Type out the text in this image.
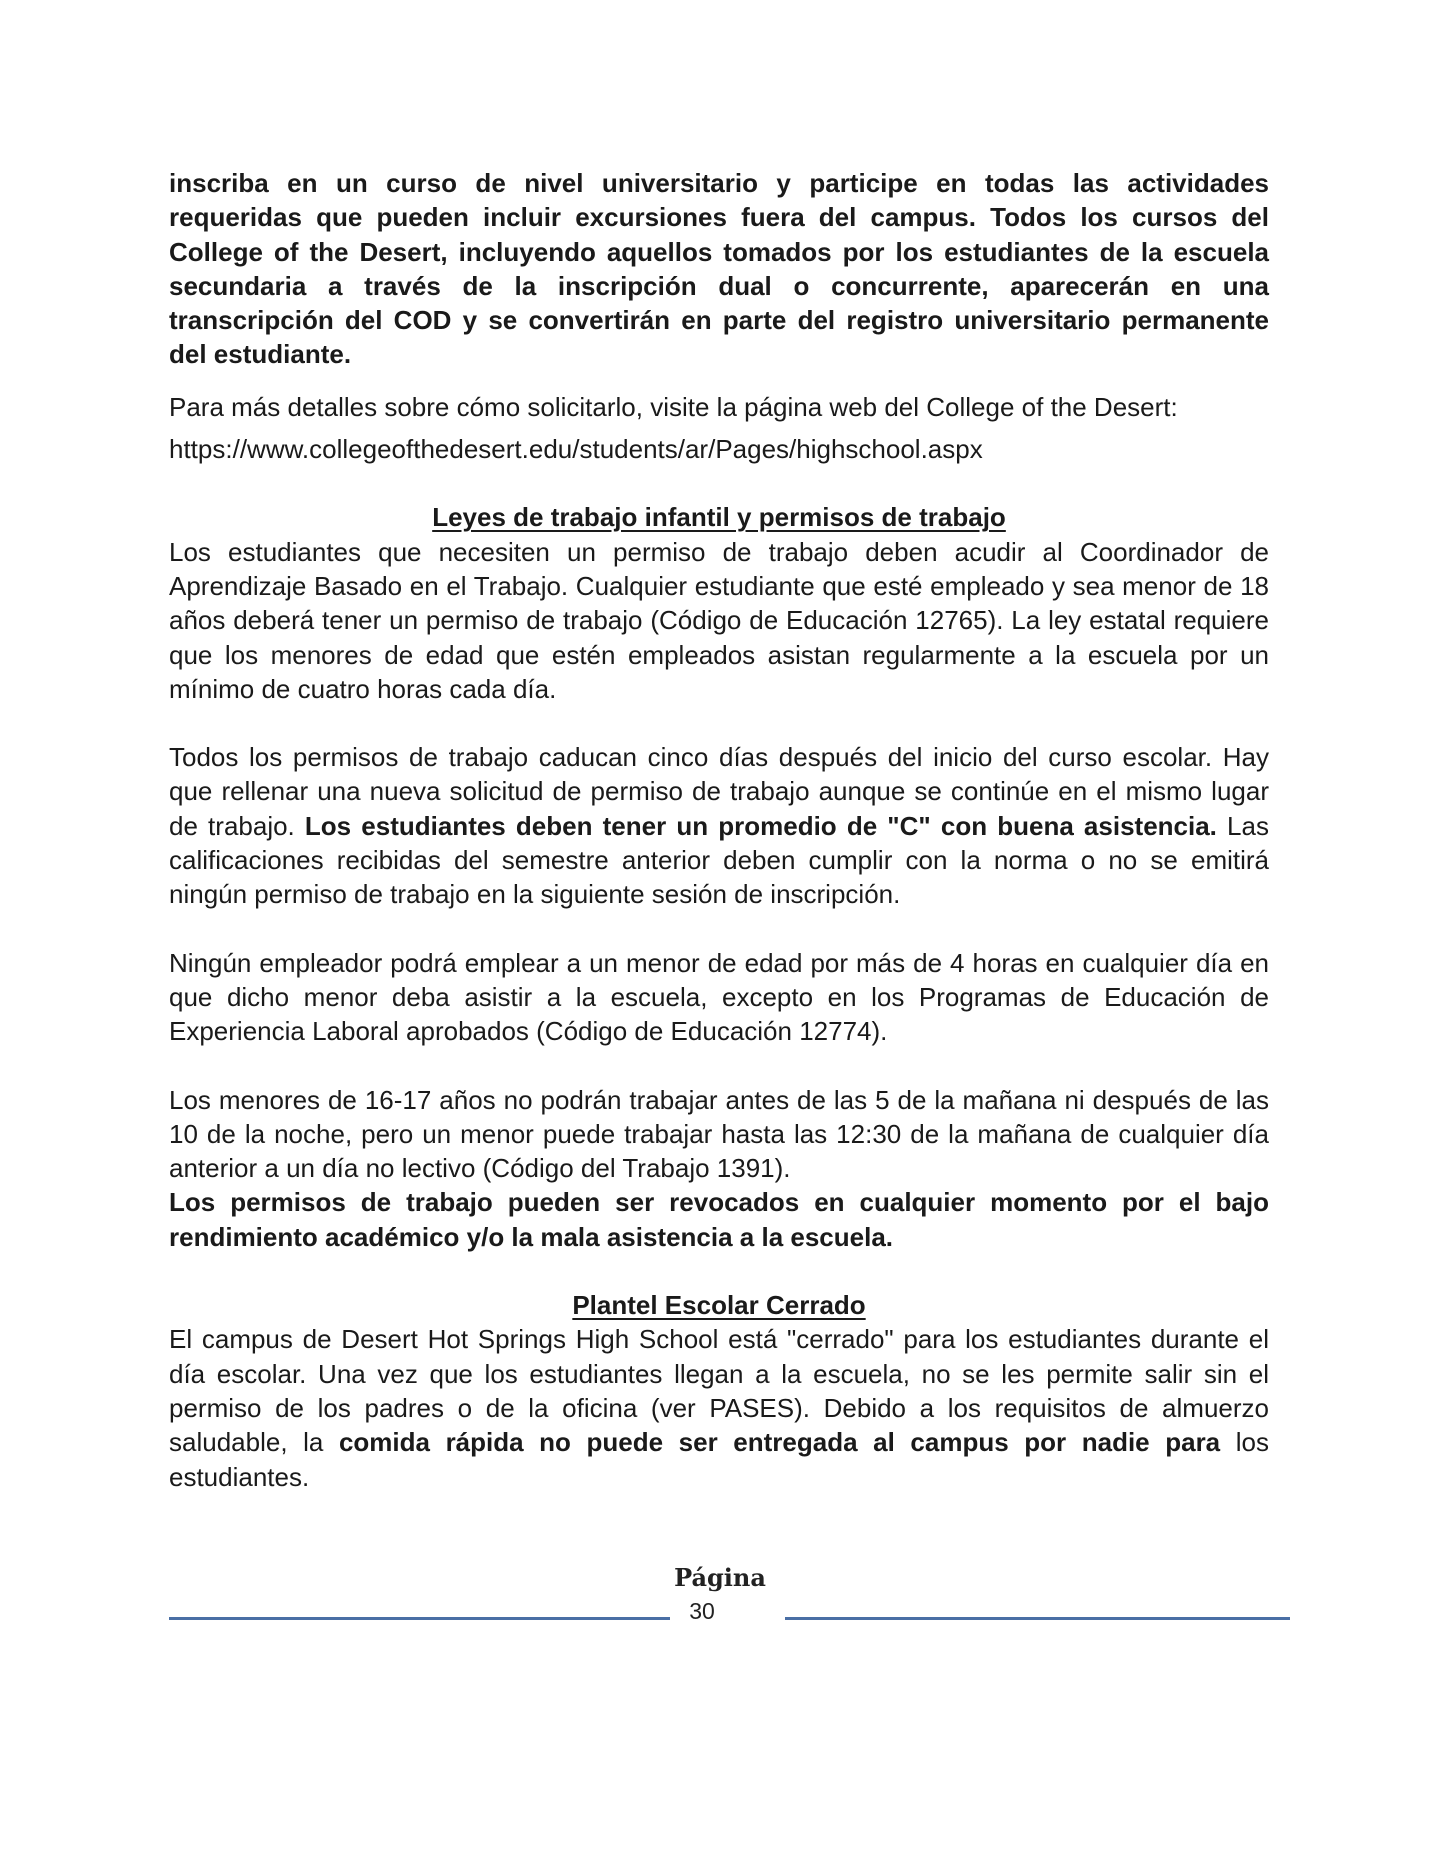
inscriba en un curso de nivel universitario y participe en todas las actividades requeridas que pueden incluir excursiones fuera del campus. Todos los cursos del College of the Desert, incluyendo aquellos tomados por los estudiantes de la escuela secundaria a través de la inscripción dual o concurrente, aparecerán en una transcripción del COD y se convertirán en parte del registro universitario permanente del estudiante.

Para más detalles sobre cómo solicitarlo, visite la página web del College of the Desert:

https://www.collegeofthedesert.edu/students/ar/Pages/highschool.aspx

Leyes de trabajo infantil y permisos de trabajo

Los estudiantes que necesiten un permiso de trabajo deben acudir al Coordinador de Aprendizaje Basado en el Trabajo. Cualquier estudiante que esté empleado y sea menor de 18 años deberá tener un permiso de trabajo (Código de Educación 12765). La ley estatal requiere que los menores de edad que estén empleados asistan regularmente a la escuela por un mínimo de cuatro horas cada día.

Todos los permisos de trabajo caducan cinco días después del inicio del curso escolar. Hay que rellenar una nueva solicitud de permiso de trabajo aunque se continúe en el mismo lugar de trabajo. Los estudiantes deben tener un promedio de "C" con buena asistencia. Las calificaciones recibidas del semestre anterior deben cumplir con la norma o no se emitirá ningún permiso de trabajo en la siguiente sesión de inscripción.

Ningún empleador podrá emplear a un menor de edad por más de 4 horas en cualquier día en que dicho menor deba asistir a la escuela, excepto en los Programas de Educación de Experiencia Laboral aprobados (Código de Educación 12774).

Los menores de 16-17 años no podrán trabajar antes de las 5 de la mañana ni después de las 10 de la noche, pero un menor puede trabajar hasta las 12:30 de la mañana de cualquier día anterior a un día no lectivo (Código del Trabajo 1391).

Los permisos de trabajo pueden ser revocados en cualquier momento por el bajo rendimiento académico y/o la mala asistencia a la escuela.

Plantel Escolar Cerrado

El campus de Desert Hot Springs High School está "cerrado" para los estudiantes durante el día escolar. Una vez que los estudiantes llegan a la escuela, no se les permite salir sin el permiso de los padres o de la oficina (ver PASES). Debido a los requisitos de almuerzo saludable, la comida rápida no puede ser entregada al campus por nadie para los estudiantes.

Página
30
